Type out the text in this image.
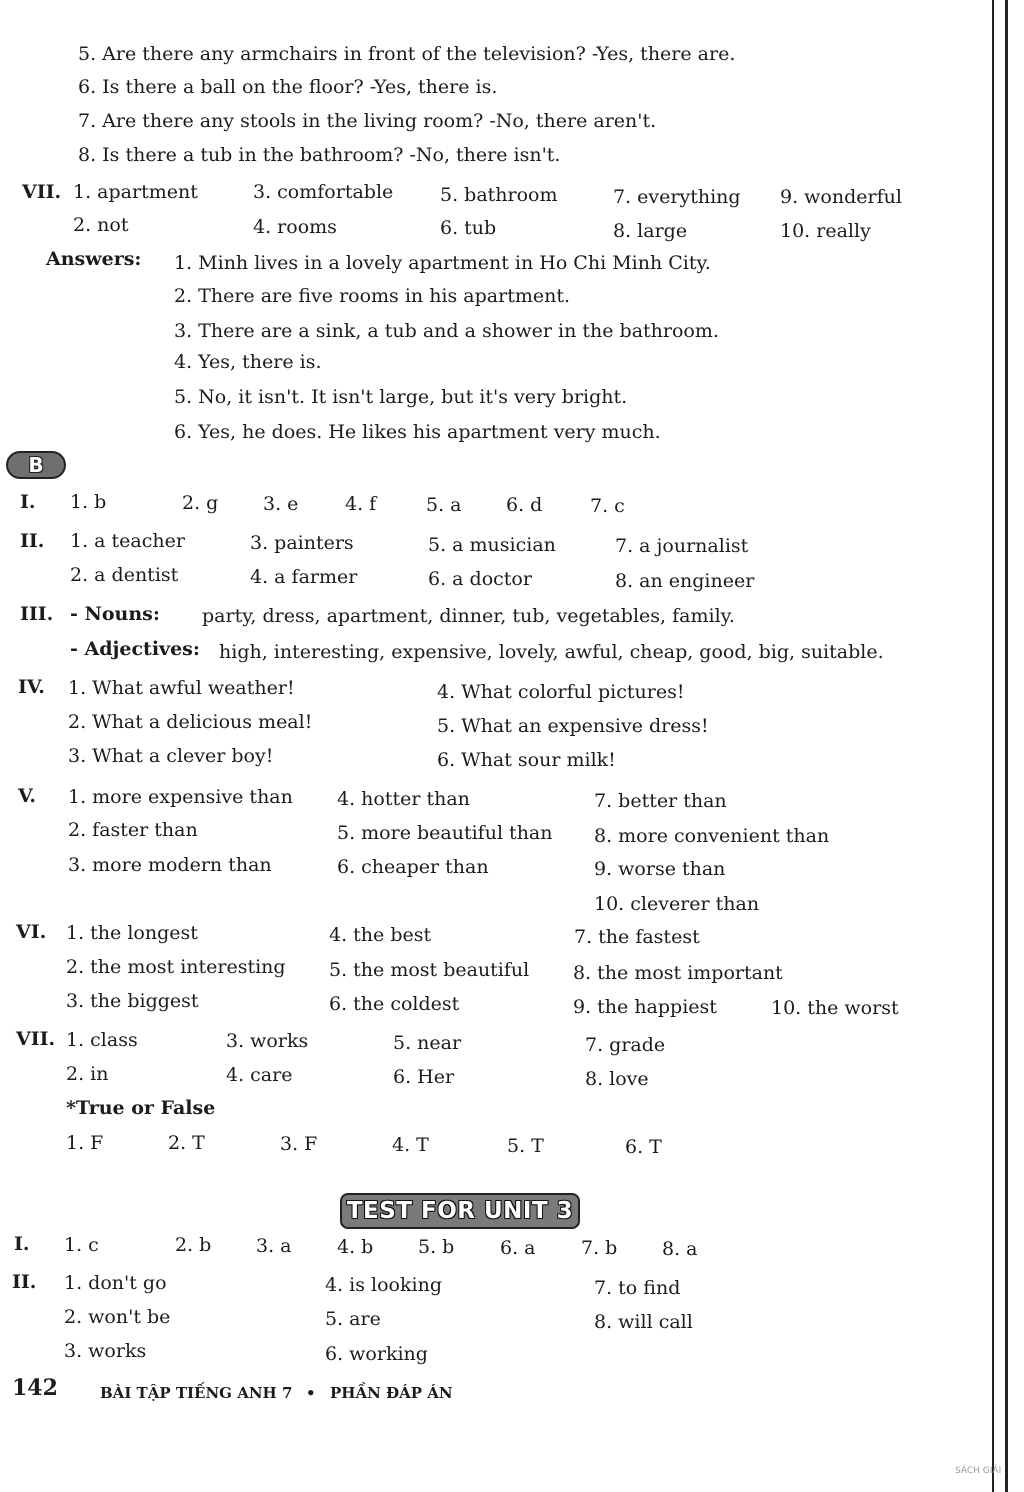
5. Are there any armchairs in front of the television? -Yes, there are.
6. Is there a ball on the floor? -Yes, there is.
7. Are there any stools in the living room? -No, there aren't.
8. Is there a tub in the bathroom? -No, there isn't.
VII. 1. apartment	3. comfortable 5. bathroom	7. everything 9. wonderful
2. not	4. rooms	6. tub	8. large	10. really
Answers: 1. Minh lives in a lovely apartment in Ho Chi Minh City.
2. There are five rooms in his apartment.
3. There are a sink, a tub and a shower in the bathroom.
4. Yes, there is.
5. No, it isn't. It isn't large, but it's very bright.
6. Yes, he does. He likes his apartment very much.
B
I. 1. b	2. g 3. e 4. f	5. a 6. d	7. c
II. 1. a teacher	3. painters	5. a musician	7. a journalist
2. a dentist	4. a farmer	6. a doctor	8. an engineer
III. - Nouns: party, dress, apartment, dinner, tub, vegetables, family.
- Adjectives: high, interesting, expensive, lovely, awful, cheap, good, big, suitable.
IV. 1. What awful weather!	4. What colorful pictures!
2. What a delicious meal!	5. What an expensive dress!
3. What a clever boy!	6. What sour milk!
V. 1. more expensive than 4. hotter than	7. better than
2. faster than	5. more beautiful than 8. more convenient than
3. more modern than	6. cheaper than	9. worse than
10. cleverer than
VI. 1. the longest	4. the best	7. the fastest
2. the most interesting 5. the most beautiful 8. the most important
3. the biggest	6. the coldest	9. the happiest	10. the worst
VII. 1. class	3. works	5. near	7. grade
2. in	4. care	6. Her	8. love
*True or False
1. F	2. T	3. F	4. T	5. T	6. T
TEST FOR UNIT 3
I. 1. c	2. b 3. a 4. b 5. b 6. a 7. b 8. a
II. 1. don't go	4. is looking	7. to find
2. won't be	5. are	8. will call
3. works	6. working
142	BÀI TẬP TIẾNG ANH 7 • PHẦN ĐÁP ÁN
SÁCH GIẢI
